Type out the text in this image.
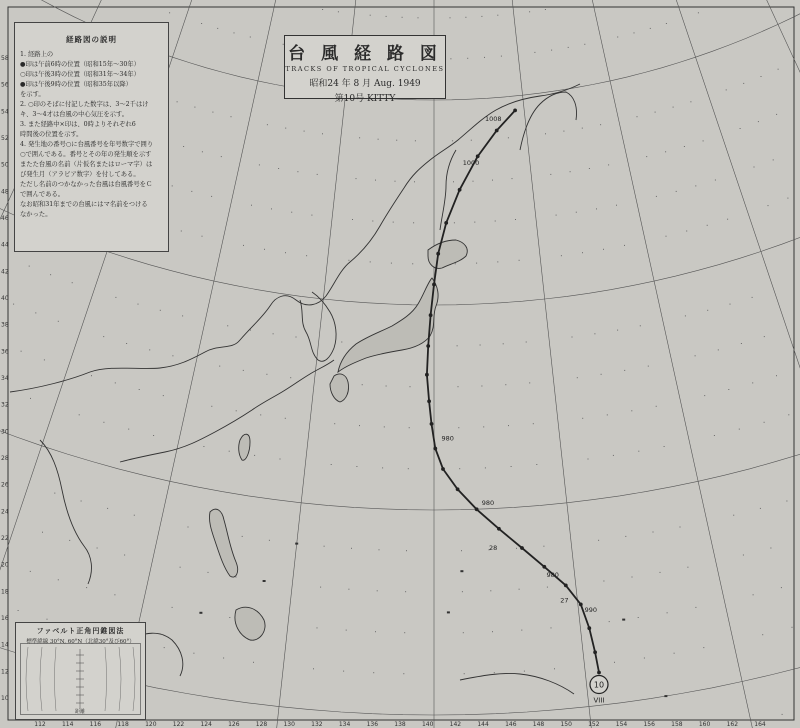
990
980
27
28
980
980
1000
1008
10
VIII
112	114	116	118	120	122	124	126	128	130	132	134	136	138	140	142	144	146	148	150	152	154	156	158	160	162	164
58
56
54
52
50
48
46
44
42
40
38
36
34
32
30
28
26
24
22
20
18
16
14
12
10
経路図の説明
1. 経路上の
●印は午前6時の位置（昭和15年〜30年）
○印は午後3時の位置（昭和31年〜34年）
●印は午後9時の位置（昭和35年以降）
を示す。
2. ○印のそばに付記した数字は、3〜2千はけ
キ、3〜4才は台風の中心気圧を示す。
3. また経路中×印は、0時よりそれぞれ6
時間後の位置を示す。
4. 発生地の番号○に台風番号を年号数字で囲り
○で囲んである。番号とその年の発生順を示す
またた台風の名前（片仮名またはローマ字）は
び発生月（アラビア数字）を付してある。
ただし名前のつかなかった台風は台風番号をＣ
で囲んである。
なお昭和31年までの台風にはマ名前をつける
なかった。
台 風 経 路 図
TRACKS OF TROPICAL CYCLONES
昭和24 年 8 月 Aug. 1949
第10号 KITTY
ファベルト正角円錐図法
標準緯線 30°N, 60°N（北緯30°及び60°）
距離
